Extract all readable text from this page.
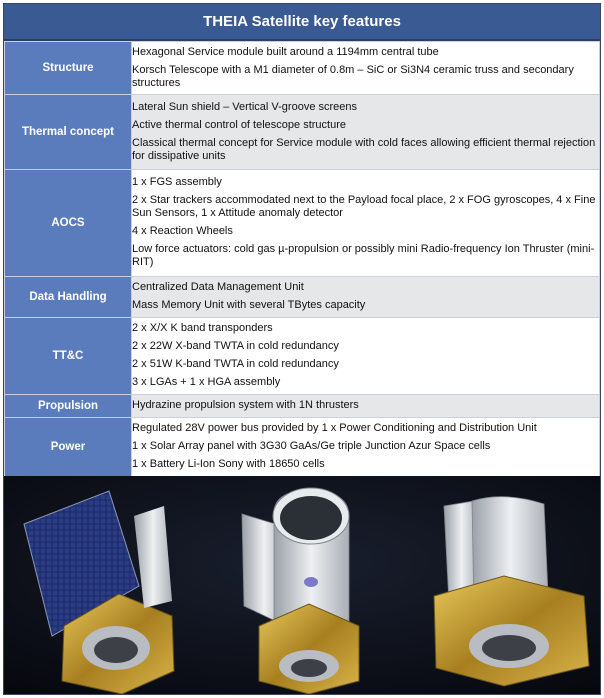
THEIA Satellite key features
Structure	Hexagonal Service module built around a 1194mm central tube
Korsch Telescope with a M1 diameter of 0.8m – SiC or Si3N4 ceramic truss and secondary structures

Thermal concept	Lateral Sun shield – Vertical V-groove screens
Active thermal control of telescope structure
Classical thermal concept for Service module with cold faces allowing efficient thermal rejection for dissipative units

AOCS	1 x FGS assembly
2 x Star trackers accommodated next to the Payload focal place, 2 x FOG gyroscopes, 4 x Fine Sun Sensors, 1 x Attitude anomaly detector
4 x Reaction Wheels
Low force actuators: cold gas µ-propulsion or possibly mini Radio-frequency Ion Thruster (mini-RIT)

Data Handling	Centralized Data Management Unit
Mass Memory Unit with several TBytes capacity

TT&C	2 x X/X K band transponders
2 x 22W X-band TWTA in cold redundancy
2 x 51W K-band TWTA in cold redundancy
3 x LGAs + 1 x HGA assembly

Propulsion	Hydrazine propulsion system with 1N thrusters

Power	Regulated 28V power bus provided by 1 x Power Conditioning and Distribution Unit
1 x Solar Array panel with 3G30 GaAs/Ge triple Junction Azur Space cells
1 x Battery Li-Ion Sony with 18650 cells
